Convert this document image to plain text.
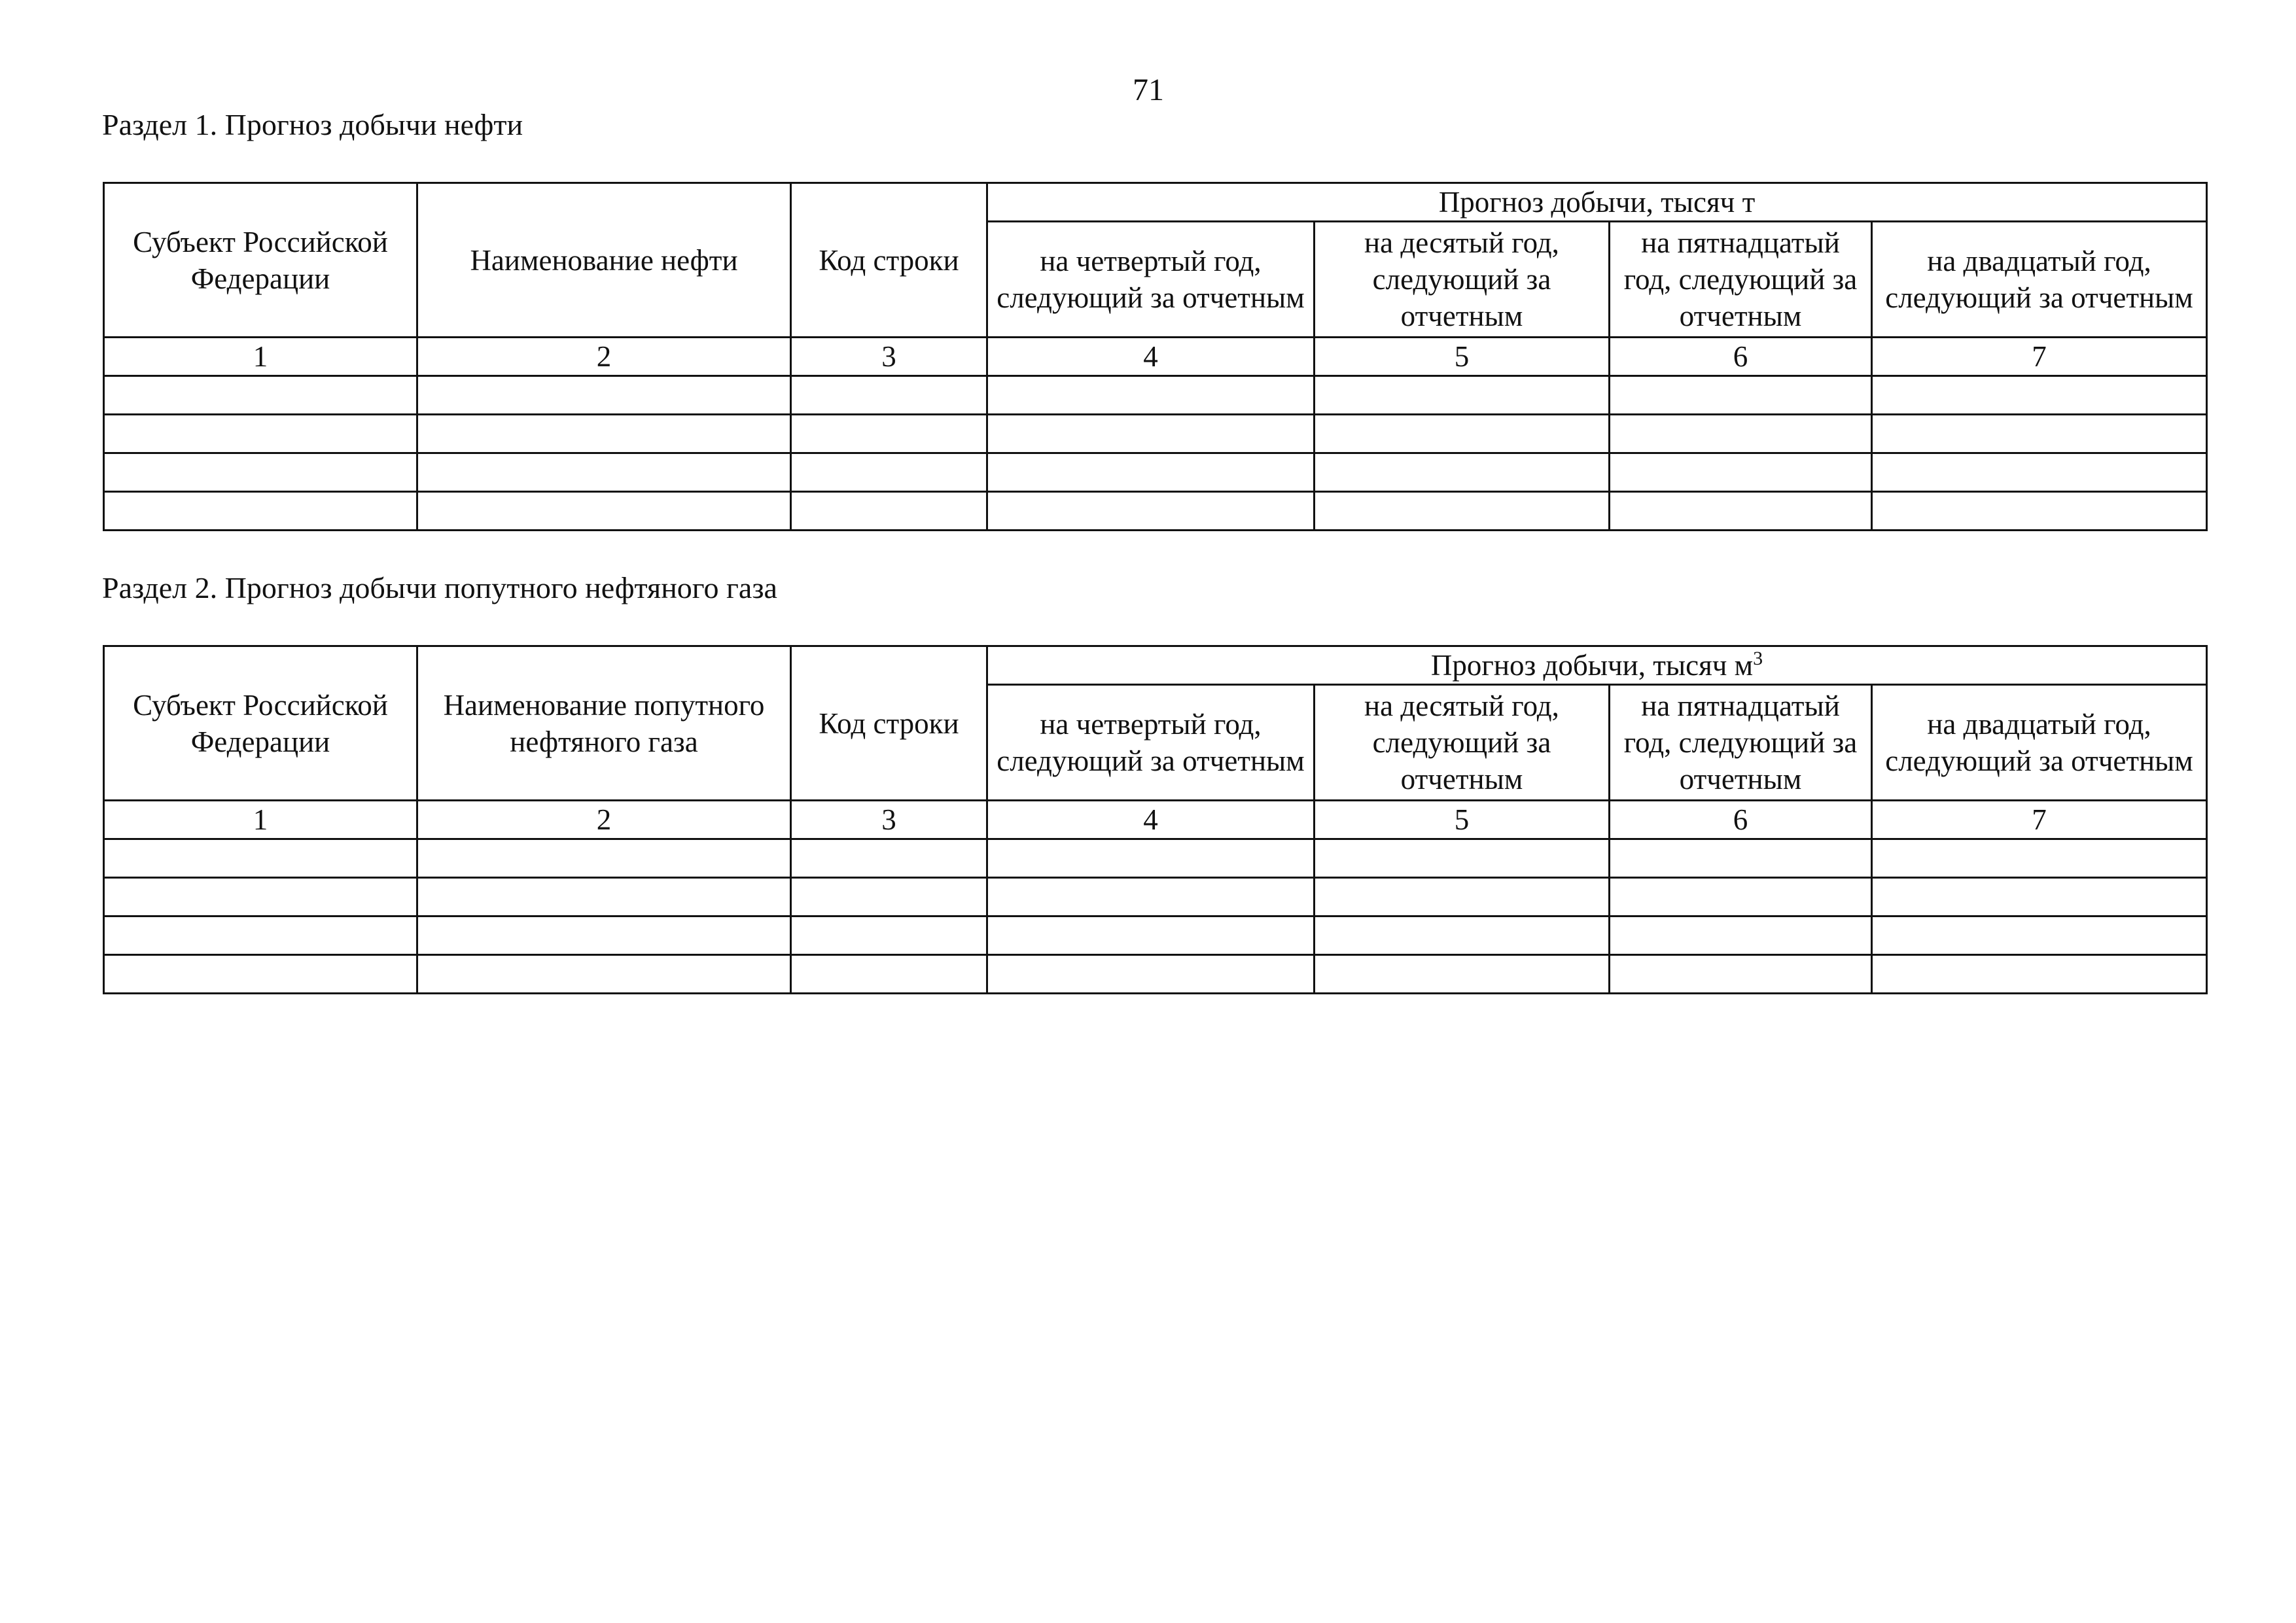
71
Раздел 1. Прогноз добычи нефти
Субъект Российской Федерации	Наименование нефти	Код строки	Прогноз добычи, тысяч т			
			на четвертый год, следующий за отчетным	на десятый год, следующий за отчетным	на пятнадцатый год, следующий за отчетным	на двадцатый год, следующий за отчетным
1	2	3	4	5	6	7

Раздел 2. Прогноз добычи попутного нефтяного газа
Субъект Российской Федерации	Наименование попутного нефтяного газа	Код строки	Прогноз добычи, тысяч $м^3$
			на четвертый год, следующий за отчетным	на десятый год, следующий за отчетным	на пятнадцатый год, следующий за отчетным	на двадцатый год, следующий за отчетным
1	2	3	4	5	6	7
